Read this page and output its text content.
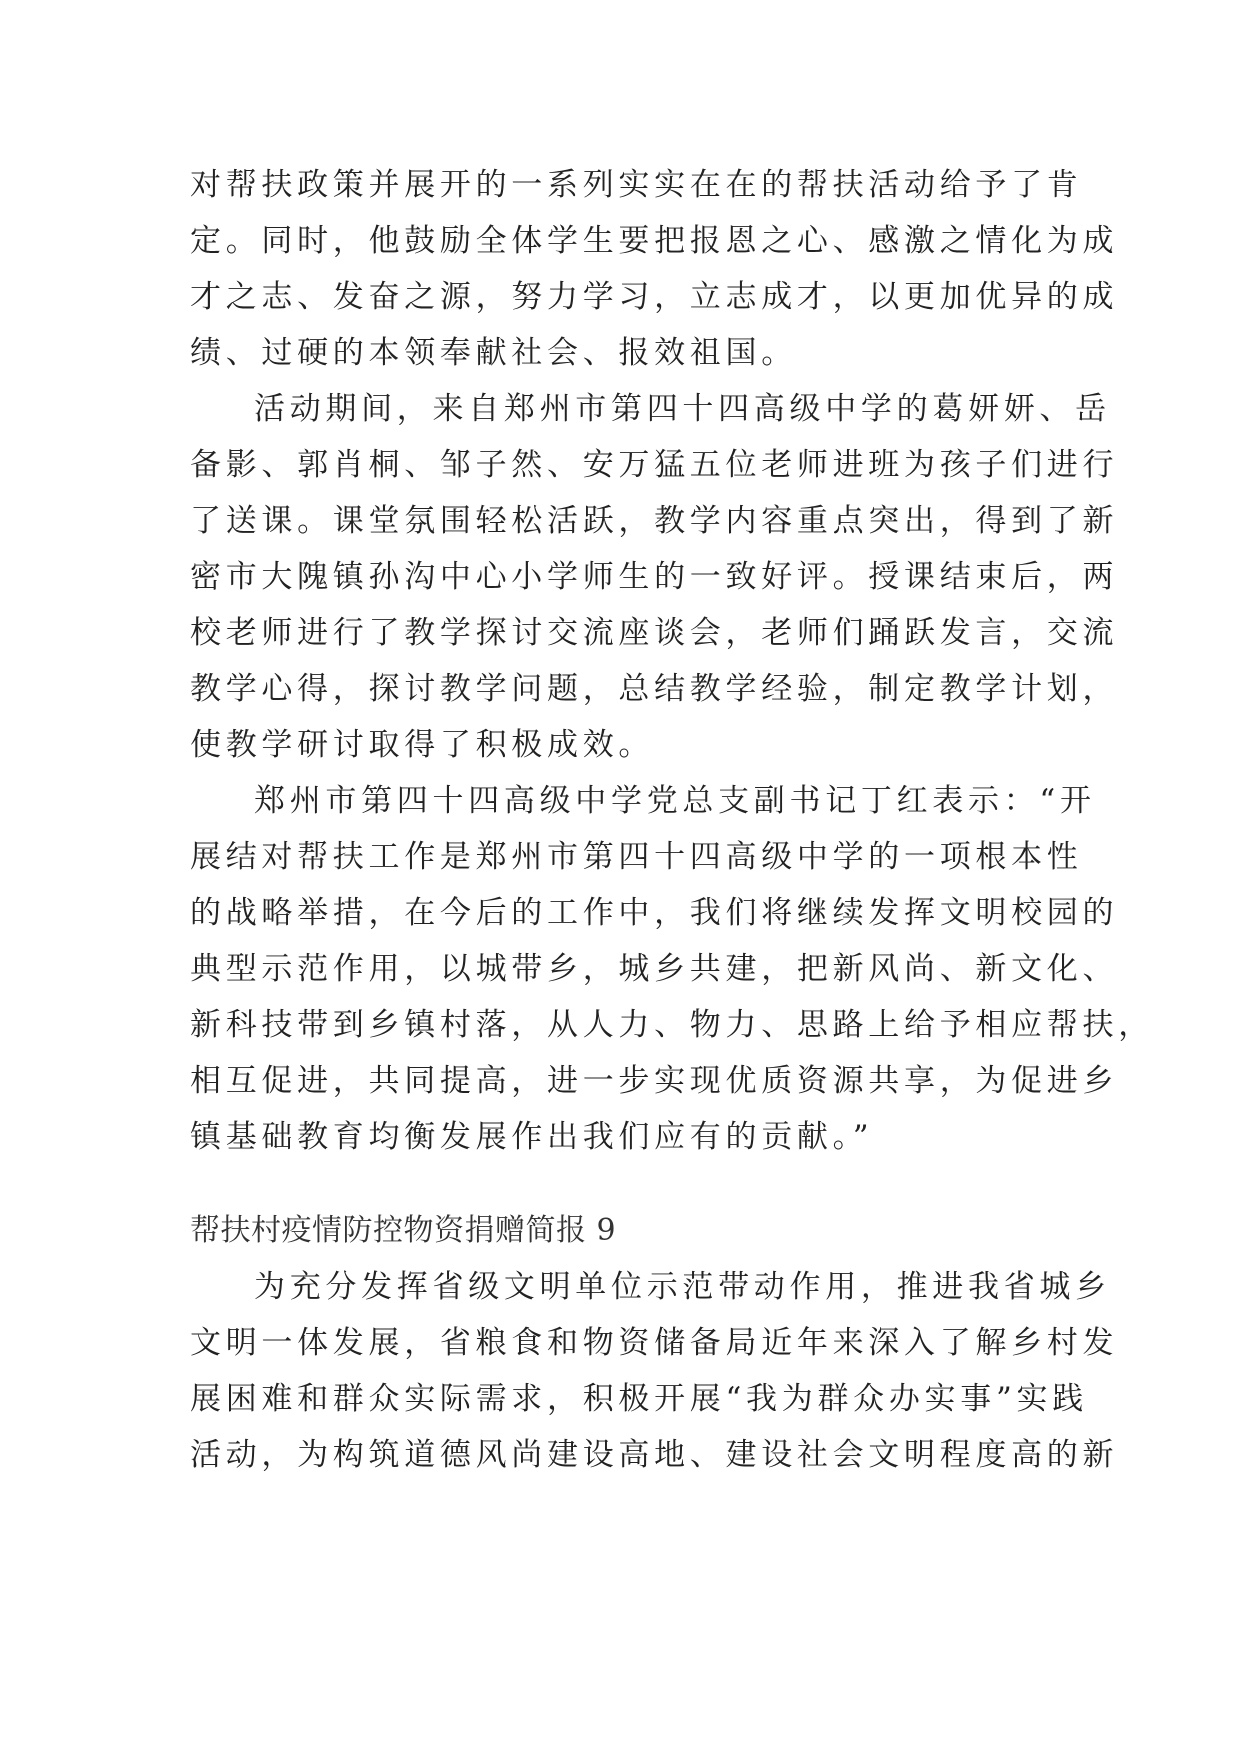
对帮扶政策并展开的一系列实实在在的帮扶活动给予了肯
定。同时，他鼓励全体学生要把报恩之心、感激之情化为成
才之志、发奋之源，努力学习，立志成才，以更加优异的成
绩、过硬的本领奉献社会、报效祖国。
活动期间，来自郑州市第四十四高级中学的葛妍妍、岳
备影、郭肖桐、邹子然、安万猛五位老师进班为孩子们进行
了送课。课堂氛围轻松活跃，教学内容重点突出，得到了新
密市大隗镇孙沟中心小学师生的一致好评。授课结束后，两
校老师进行了教学探讨交流座谈会，老师们踊跃发言，交流
教学心得，探讨教学问题，总结教学经验，制定教学计划，
使教学研讨取得了积极成效。
郑州市第四十四高级中学党总支副书记丁红表示：“开
展结对帮扶工作是郑州市第四十四高级中学的一项根本性
的战略举措，在今后的工作中，我们将继续发挥文明校园的
典型示范作用，以城带乡，城乡共建，把新风尚、新文化、
新科技带到乡镇村落，从人力、物力、思路上给予相应帮扶，
相互促进，共同提高，进一步实现优质资源共享，为促进乡
镇基础教育均衡发展作出我们应有的贡献。”
帮扶村疫情防控物资捐赠简报 9
为充分发挥省级文明单位示范带动作用，推进我省城乡
文明一体发展，省粮食和物资储备局近年来深入了解乡村发
展困难和群众实际需求，积极开展“我为群众办实事”实践
活动，为构筑道德风尚建设高地、建设社会文明程度高的新
